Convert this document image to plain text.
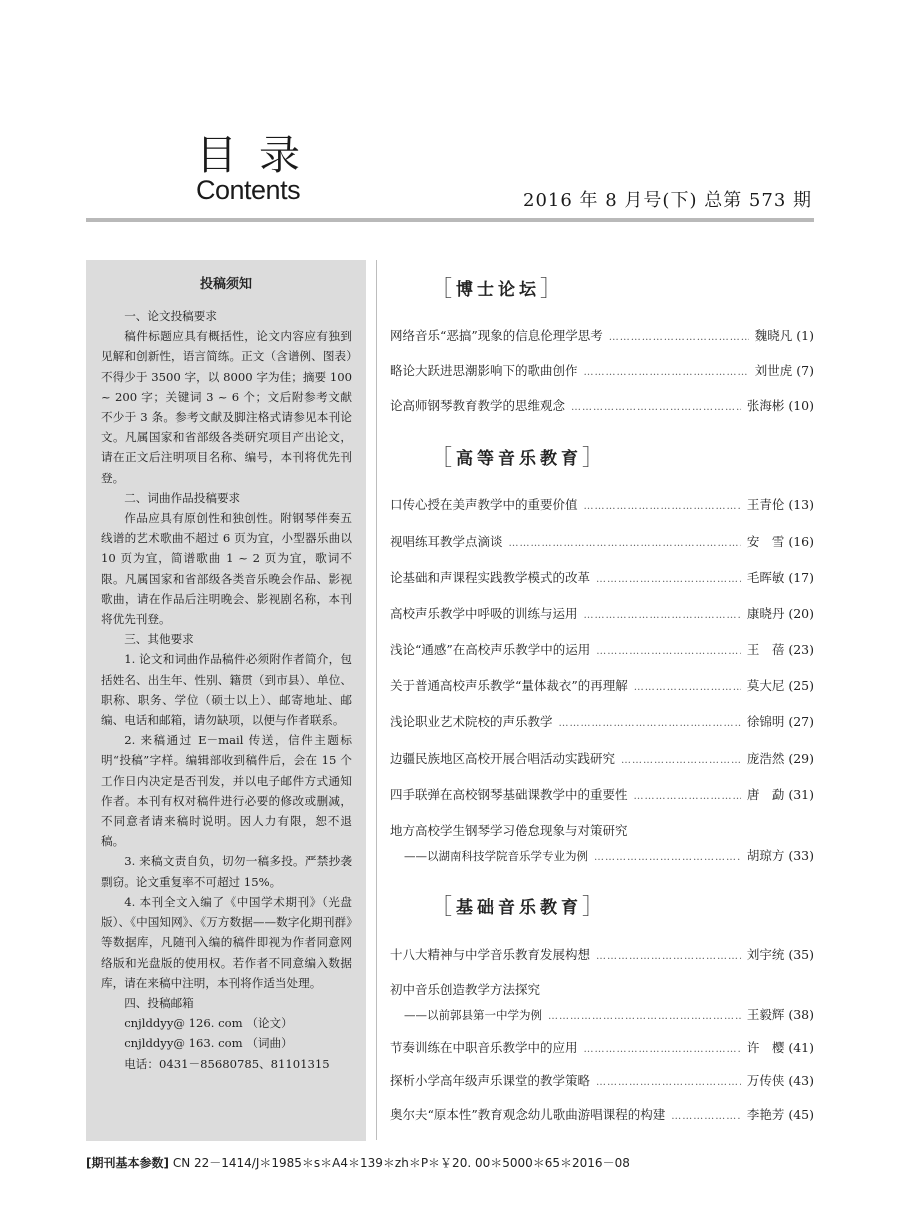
目录
Contents	2016 年 8 月号(下) 总第 573 期
投稿须知

一、论文投稿要求

稿件标题应具有概括性，论文内容应有独到见解和创新性，语言简练。正文（含谱例、图表）不得少于 3500 字，以 8000 字为佳；摘要 100 ~ 200 字；关键词 3 ~ 6 个；文后附参考文献不少于 3 条。参考文献及脚注格式请参见本刊论文。凡属国家和省部级各类研究项目产出论文，请在正文后注明项目名称、编号，本刊将优先刊登。

二、词曲作品投稿要求

作品应具有原创性和独创性。附钢琴伴奏五线谱的艺术歌曲不超过 6 页为宜，小型器乐曲以 10 页为宜，简谱歌曲 1 ~ 2 页为宜，歌词不限。凡属国家和省部级各类音乐晚会作品、影视歌曲，请在作品后注明晚会、影视剧名称，本刊将优先刊登。

三、其他要求

1. 论文和词曲作品稿件必须附作者简介，包括姓名、出生年、性别、籍贯（到市县）、单位、职称、职务、学位（硕士以上）、邮寄地址、邮编、电话和邮箱，请勿缺项，以便与作者联系。

2. 来稿通过 E－mail 传送，信件主题标明“投稿”字样。编辑部收到稿件后，会在 15 个工作日内决定是否刊发，并以电子邮件方式通知作者。本刊有权对稿件进行必要的修改或删减，不同意者请来稿时说明。因人力有限，恕不退稿。

3. 来稿文责自负，切勿一稿多投。严禁抄袭剽窃。论文重复率不可超过 15%。

4. 本刊全文入编了《中国学术期刊》（光盘版）、《中国知网》、《万方数据——数字化期刊群》等数据库，凡随刊入编的稿件即视为作者同意网络版和光盘版的使用权。若作者不同意编入数据库，请在来稿中注明，本刊将作适当处理。

四、投稿邮箱

cnjlddyy@ 126. com （论文）

cnjlddyy@ 163. com （词曲）

电话：0431－85680785、81101315

［ 博士论坛 ］
网络音乐“恶搞”现象的信息伦理学思考 ……………………………………………………………………………………………………………………………………………………………………………………	魏晓凡 (1)
略论大跃进思潮影响下的歌曲创作 ……………………………………………………………………………………………………………………………………………………………………………………	刘世虎 (7)
论高师钢琴教育教学的思维观念 ……………………………………………………………………………………………………………………………………………………………………………………	张海彬 (10)
［ 高等音乐教育 ］
口传心授在美声教学中的重要价值 ……………………………………………………………………………………………………………………………………………………………………………………	王青伦 (13)
视唱练耳教学点滴谈 ……………………………………………………………………………………………………………………………………………………………………………………	安　雪 (16)
论基础和声课程实践教学模式的改革 ……………………………………………………………………………………………………………………………………………………………………………………	毛晖敏 (17)
高校声乐教学中呼吸的训练与运用 ……………………………………………………………………………………………………………………………………………………………………………………	康晓丹 (20)
浅论“通感”在高校声乐教学中的运用 ……………………………………………………………………………………………………………………………………………………………………………………	王　蓓 (23)
关于普通高校声乐教学“量体裁衣”的再理解 ……………………………………………………………………………………………………………………………………………………………………………………	莫大尼 (25)
浅论职业艺术院校的声乐教学 ……………………………………………………………………………………………………………………………………………………………………………………	徐锦明 (27)
边疆民族地区高校开展合唱活动实践研究 ……………………………………………………………………………………………………………………………………………………………………………………	庞浩然 (29)
四手联弹在高校钢琴基础课教学中的重要性 ……………………………………………………………………………………………………………………………………………………………………………………	唐　勐 (31)
地方高校学生钢琴学习倦怠现象与对策研究
——以湖南科技学院音乐学专业为例 ……………………………………………………………………………………………………………………………………………………………………………………	胡琼方 (33)
［ 基础音乐教育 ］
十八大精神与中学音乐教育发展构想 ……………………………………………………………………………………………………………………………………………………………………………………	刘宇统 (35)
初中音乐创造教学方法探究
——以前郭县第一中学为例 ……………………………………………………………………………………………………………………………………………………………………………………	王毅辉 (38)
节奏训练在中职音乐教学中的应用 ……………………………………………………………………………………………………………………………………………………………………………………	许　樱 (41)
探析小学高年级声乐课堂的教学策略 ……………………………………………………………………………………………………………………………………………………………………………………	万传侠 (43)
奥尔夫“原本性”教育观念幼儿歌曲游唱课程的构建 ……………………………………………………………………………………………………………………………………………………………………………………	李艳芳 (45)
[期刊基本参数] CN 22－1414/J＊1985＊s＊A4＊139＊zh＊P＊￥20. 00＊5000＊65＊2016－08
